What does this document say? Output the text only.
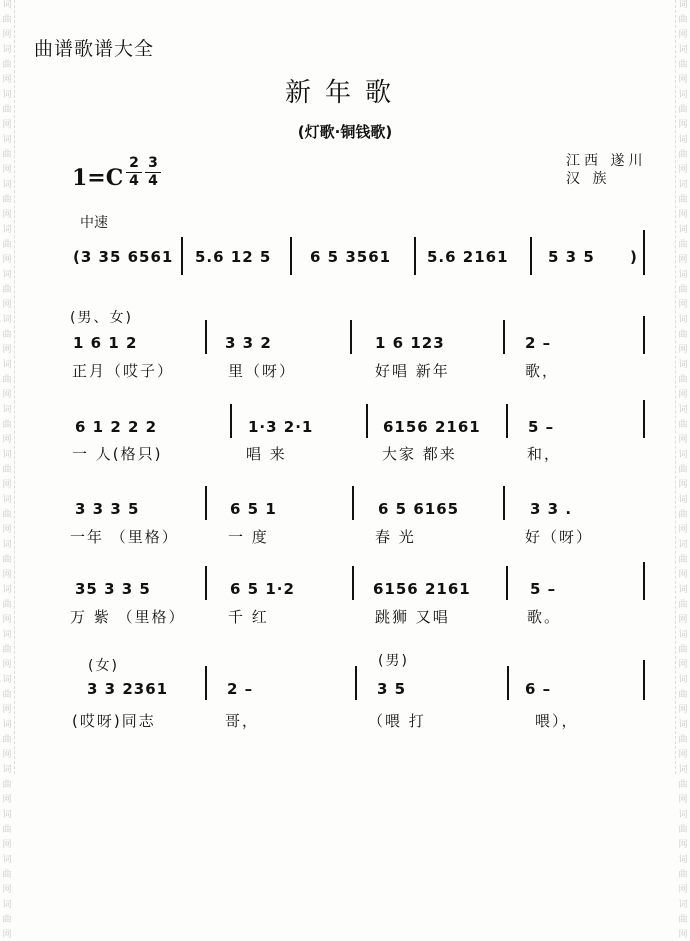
词
曲
网
词
曲
网
词
曲
网
词
曲
网
词
曲
网
词
曲
网
词
曲
网
词
曲
网
词
曲
网
词
曲
网
词
曲
网
词
曲
网
词
曲
网
词
曲
网
词
曲
网
词
曲
网
词
曲
网
词
曲
网
词
曲
网
词
曲
网
词
曲
网
词
曲
网
词
曲
网
词
曲
网
词
曲
网
词
曲
网
词
曲
网
词
曲
网
词
曲
网
词
曲
网
词
曲
网
词
曲
网
词
曲
网
词
曲
网
词
曲
网
词
曲
网
词
曲
网
词
曲
网
词
曲
网
词
曲
网
词
曲
网
词
曲
网
曲谱歌谱大全
新年歌
(灯歌·铜钱歌)
1=C
2
4
3
4
江西 遂川
汉 族
中速
(3 35 6561 5.6 12 5	6 5 3561 5.6 2161	5 3 5 )
(男、女)
1 6 1 2	3 3 2	1 6 123	2 –
正月（哎子）	里（呀）	好唱 新年	歌，
6 1 2 2 2	1·3 2·1	6156 2161	5 –
一 人(格只)	唱 来	大家 都来	和，
3 3 3 5	6 5 1	6 5 6165	3 3 .
一年 （里格）	一 度	春 光	好（呀）
35 3 3 5	6 5 1·2	6156 2161	5 –
万 紫 （里格）	千 红	跳狮 又唱	歌。
(女)	(男)
3 3 2361	2 –	3 5	6 –
(哎呀)同志	哥，	（喂 打	喂），
